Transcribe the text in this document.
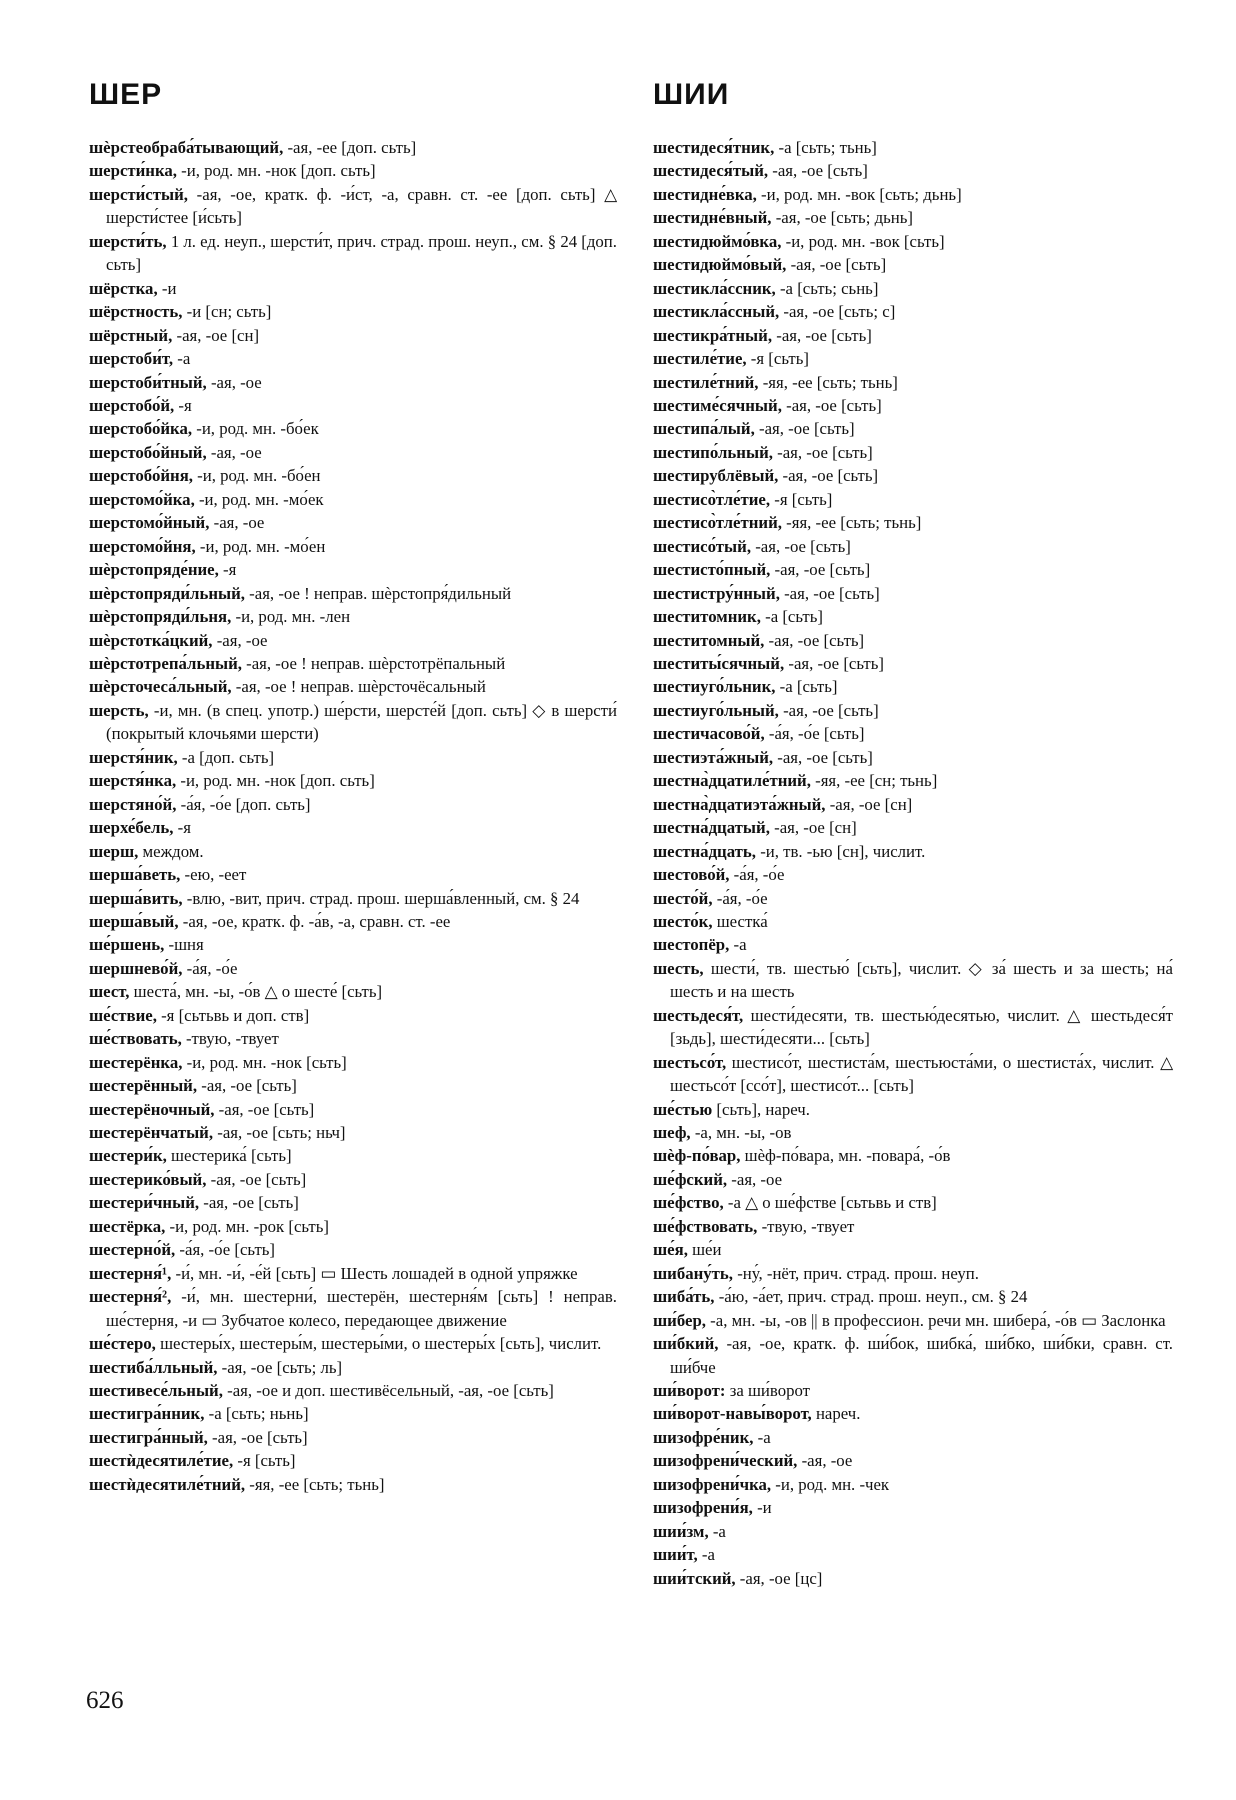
ШЕР	ШИИ
шѐрстеобраба́тывающий, -ая, -ее [доп. сьть]
шерсти́нка, -и, род. мн. -нок [доп. сьть]
шерсти́стый, -ая, -ое, кратк. ф. -и́ст, -а, сравн. ст. -ее [доп. сьть] △ шерсти́стее [и́сьть]
шерсти́ть, 1 л. ед. неуп., шерсти́т, прич. страд. прош. неуп., см. § 24 [доп. сьть]
шёрстка, -и
шёрстность, -и [сн; сьть]
шёрстный, -ая, -ое [сн]
шерстоби́т, -а
шерстоби́тный, -ая, -ое
шерстобо́й, -я
шерстобо́йка, -и, род. мн. -бо́ек
шерстобо́йный, -ая, -ое
шерстобо́йня, -и, род. мн. -бо́ен
шерстомо́йка, -и, род. мн. -мо́ек
шерстомо́йный, -ая, -ое
шерстомо́йня, -и, род. мн. -мо́ен
шѐрстопряде́ние, -я
шѐрстопряди́льный, -ая, -ое ! неправ. шѐрстопря́дильный
шѐрстопряди́льня, -и, род. мн. -лен
шѐрстотка́цкий, -ая, -ое
шѐрстотрепа́льный, -ая, -ое ! неправ. шѐрстотрёпальный
шѐрсточеса́льный, -ая, -ое ! неправ. шѐрсточёсальный
шерсть, -и, мн. (в спец. употр.) ше́рсти, шерсте́й [доп. сьть] ◇ в шерсти́ (покрытый клочьями шерсти)
шерстя́ник, -а [доп. сьть]
шерстя́нка, -и, род. мн. -нок [доп. сьть]
шерстяно́й, -а́я, -о́е [доп. сьть]
шерхе́бель, -я
шерш, междом.
шерша́веть, -ею, -еет
шерша́вить, -влю, -вит, прич. страд. прош. шерша́вленный, см. § 24
шерша́вый, -ая, -ое, кратк. ф. -а́в, -а, сравн. ст. -ее
ше́ршень, -шня
шершнево́й, -а́я, -о́е
шест, шеста́, мн. -ы, -о́в △ о шесте́ [сьть]
ше́ствие, -я [сьтьвь и доп. ств]
ше́ствовать, -твую, -твует
шестерёнка, -и, род. мн. -нок [сьть]
шестерённый, -ая, -ое [сьть]
шестерёночный, -ая, -ое [сьть]
шестерёнчатый, -ая, -ое [сьть; ньч]
шестери́к, шестерика́ [сьть]
шестерико́вый, -ая, -ое [сьть]
шестери́чный, -ая, -ое [сьть]
шестёрка, -и, род. мн. -рок [сьть]
шестерно́й, -а́я, -о́е [сьть]
шестерня́¹, -и́, мн. -и́, -е́й [сьть] ▭ Шесть лошадей в одной упряжке
шестерня́², -и́, мн. шестерни́, шестерён, шестерня́м [сьть] ! неправ. ше́стерня, -и ▭ Зубчатое колесо, передающее движение
ше́стеро, шестеры́х, шестеры́м, шестеры́ми, о шестеры́х [сьть], числит.
шестиба́лльный, -ая, -ое [сьть; ль]
шестивесе́льный, -ая, -ое и доп. шестивёсельный, -ая, -ое [сьть]
шестигра́нник, -а [сьть; ньнь]
шестигра́нный, -ая, -ое [сьть]
шестѝдесятиле́тие, -я [сьть]
шестѝдесятиле́тний, -яя, -ее [сьть; тьнь]
шестидеся́тник, -а [сьть; тьнь]
шестидеся́тый, -ая, -ое [сьть]
шестидне́вка, -и, род. мн. -вок [сьть; дьнь]
шестидне́вный, -ая, -ое [сьть; дьнь]
шестидюймо́вка, -и, род. мн. -вок [сьть]
шестидюймо́вый, -ая, -ое [сьть]
шестикла́ссник, -а [сьть; сьнь]
шестикла́ссный, -ая, -ое [сьть; с]
шестикра́тный, -ая, -ое [сьть]
шестиле́тие, -я [сьть]
шестиле́тний, -яя, -ее [сьть; тьнь]
шестиме́сячный, -ая, -ое [сьть]
шестипа́лый, -ая, -ое [сьть]
шестипо́льный, -ая, -ое [сьть]
шестирублёвый, -ая, -ое [сьть]
шестисо̀тле́тие, -я [сьть]
шестисо̀тле́тний, -яя, -ее [сьть; тьнь]
шестисо́тый, -ая, -ое [сьть]
шестисто́пный, -ая, -ое [сьть]
шестистру́нный, -ая, -ое [сьть]
шеститомник, -а [сьть]
шеститомный, -ая, -ое [сьть]
шеститы́сячный, -ая, -ое [сьть]
шестиуго́льник, -а [сьть]
шестиуго́льный, -ая, -ое [сьть]
шестичасово́й, -а́я, -о́е [сьть]
шестиэта́жный, -ая, -ое [сьть]
шестна̀дцатиле́тний, -яя, -ее [сн; тьнь]
шестна̀дцатиэта́жный, -ая, -ое [сн]
шестна́дцатый, -ая, -ое [сн]
шестна́дцать, -и, тв. -ью [сн], числит.
шестово́й, -а́я, -о́е
шесто́й, -а́я, -о́е
шесто́к, шестка́
шестопёр, -а
шесть, шести́, тв. шестью́ [сьть], числит. ◇ за́ шесть и за шесть; на́ шесть и на шесть
шестьдеся́т, шести́десяти, тв. шестью́десятью, числит. △ шестьдеся́т [зьдь], шести́десяти... [сьть]
шестьсо́т, шестисо́т, шестиста́м, шестьюста́ми, о шестиста́х, числит. △ шестьсо́т [ссо́т], шестисо́т... [сьть]
ше́стью [сьть], нареч.
шеф, -а, мн. -ы, -ов
шѐф-по́вар, шѐф-по́вара, мн. -повара́, -о́в
ше́фский, -ая, -ое
ше́фство, -а △ о ше́фстве [сьтьвь и ств]
ше́фствовать, -твую, -твует
ше́я, ше́и
шибану́ть, -ну́, -нёт, прич. страд. прош. неуп.
шиба́ть, -а́ю, -а́ет, прич. страд. прош. неуп., см. § 24
ши́бер, -а, мн. -ы, -ов || в профессион. речи мн. шибера́, -о́в ▭ Заслонка
ши́бкий, -ая, -ое, кратк. ф. ши́бок, шибка́, ши́бко, ши́бки, сравн. ст. ши́бче
ши́ворот: за ши́ворот
ши́ворот-навы́ворот, нареч.
шизофре́ник, -а
шизофрени́ческий, -ая, -ое
шизофрени́чка, -и, род. мн. -чек
шизофрени́я, -и
шии́зм, -а
шии́т, -а
шии́тский, -ая, -ое [цс]
626
